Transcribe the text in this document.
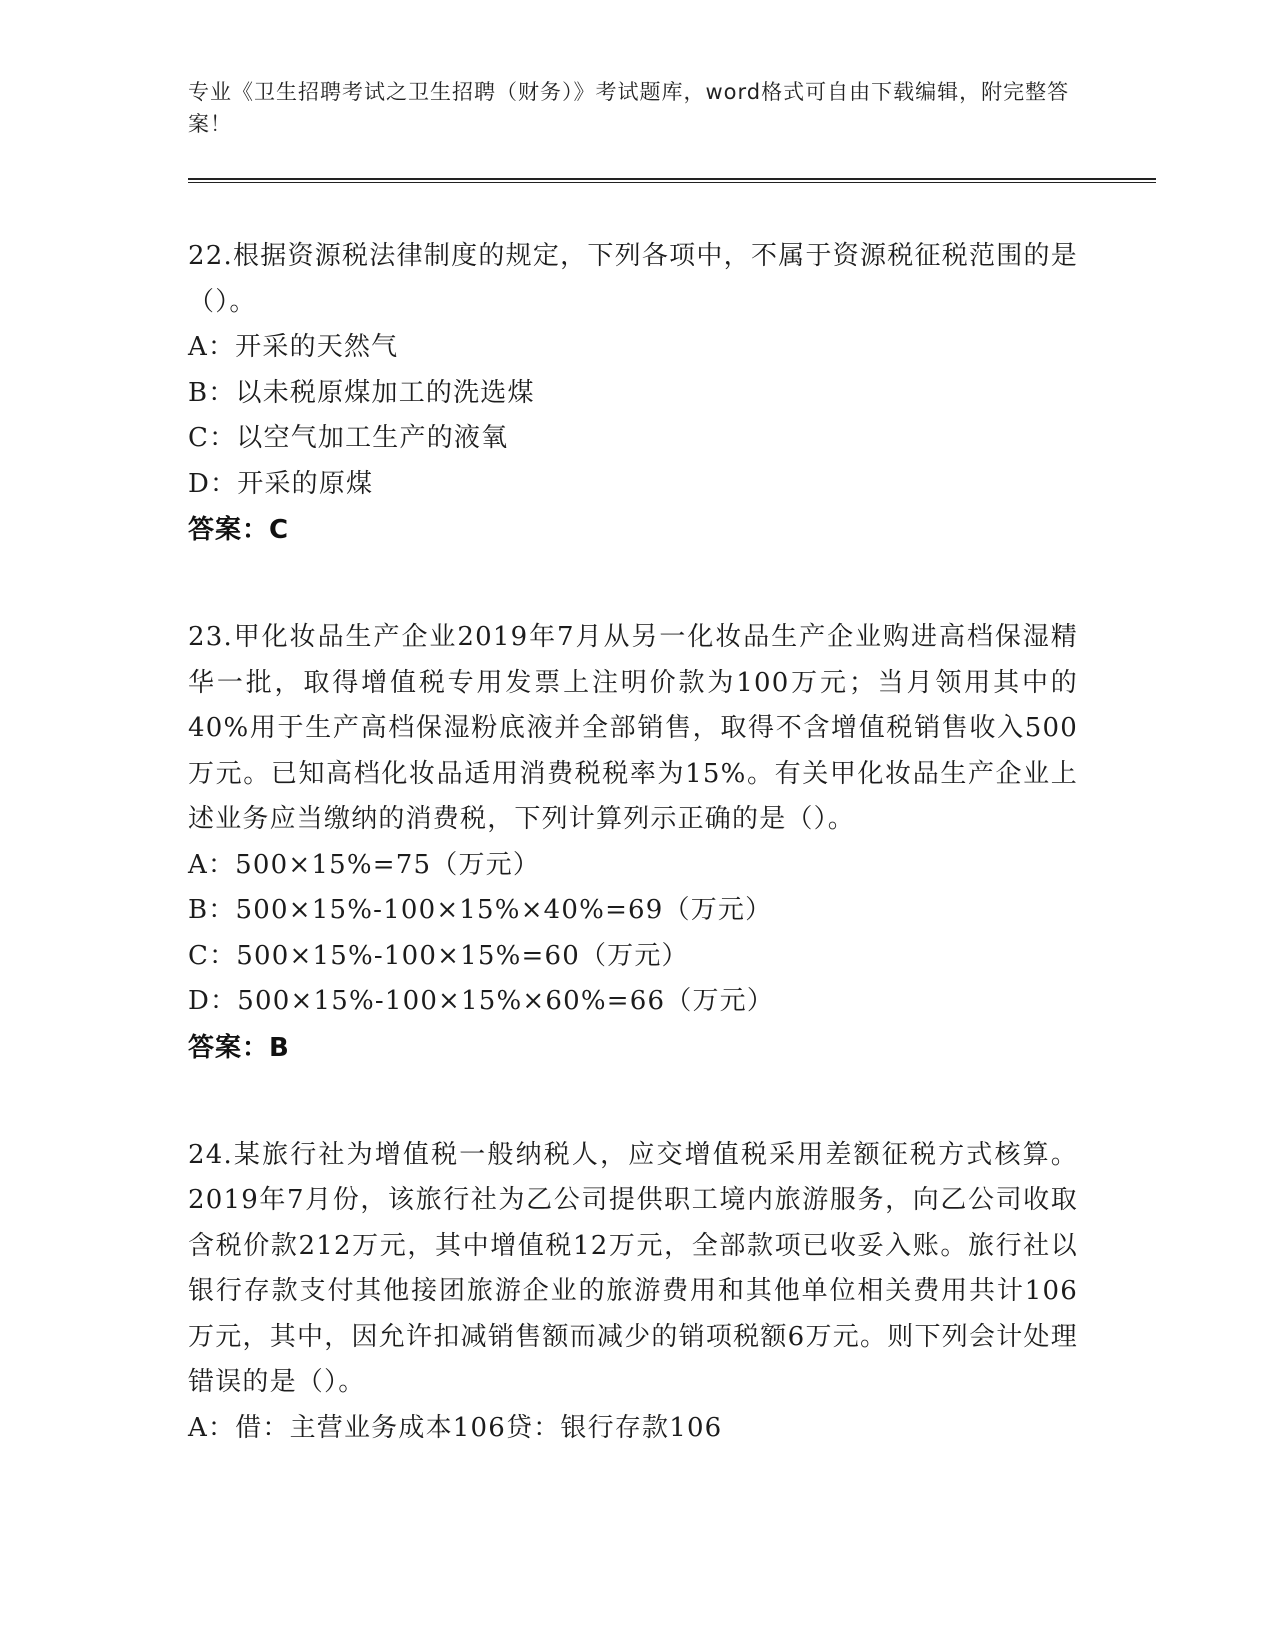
专业《卫生招聘考试之卫生招聘（财务）》考试题库，word格式可自由下载编辑，附完整答案！
22.根据资源税法律制度的规定，下列各项中，不属于资源税征税范围的是（）。
A：开采的天然气
B：以未税原煤加工的洗选煤
C：以空气加工生产的液氧
D：开采的原煤
答案：C
23.甲化妆品生产企业2019年7月从另一化妆品生产企业购进高档保湿精华一批，取得增值税专用发票上注明价款为100万元；当月领用其中的40%用于生产高档保湿粉底液并全部销售，取得不含增值税销售收入500万元。已知高档化妆品适用消费税税率为15%。有关甲化妆品生产企业上述业务应当缴纳的消费税，下列计算列示正确的是（）。
A：500×15%=75（万元）
B：500×15%-100×15%×40%=69（万元）
C：500×15%-100×15%=60（万元）
D：500×15%-100×15%×60%=66（万元）
答案：B
24.某旅行社为增值税一般纳税人，应交增值税采用差额征税方式核算。2019年7月份，该旅行社为乙公司提供职工境内旅游服务，向乙公司收取含税价款212万元，其中增值税12万元，全部款项已收妥入账。旅行社以银行存款支付其他接团旅游企业的旅游费用和其他单位相关费用共计106万元，其中，因允许扣减销售额而减少的销项税额6万元。则下列会计处理错误的是（）。
A：借：主营业务成本106贷：银行存款106
